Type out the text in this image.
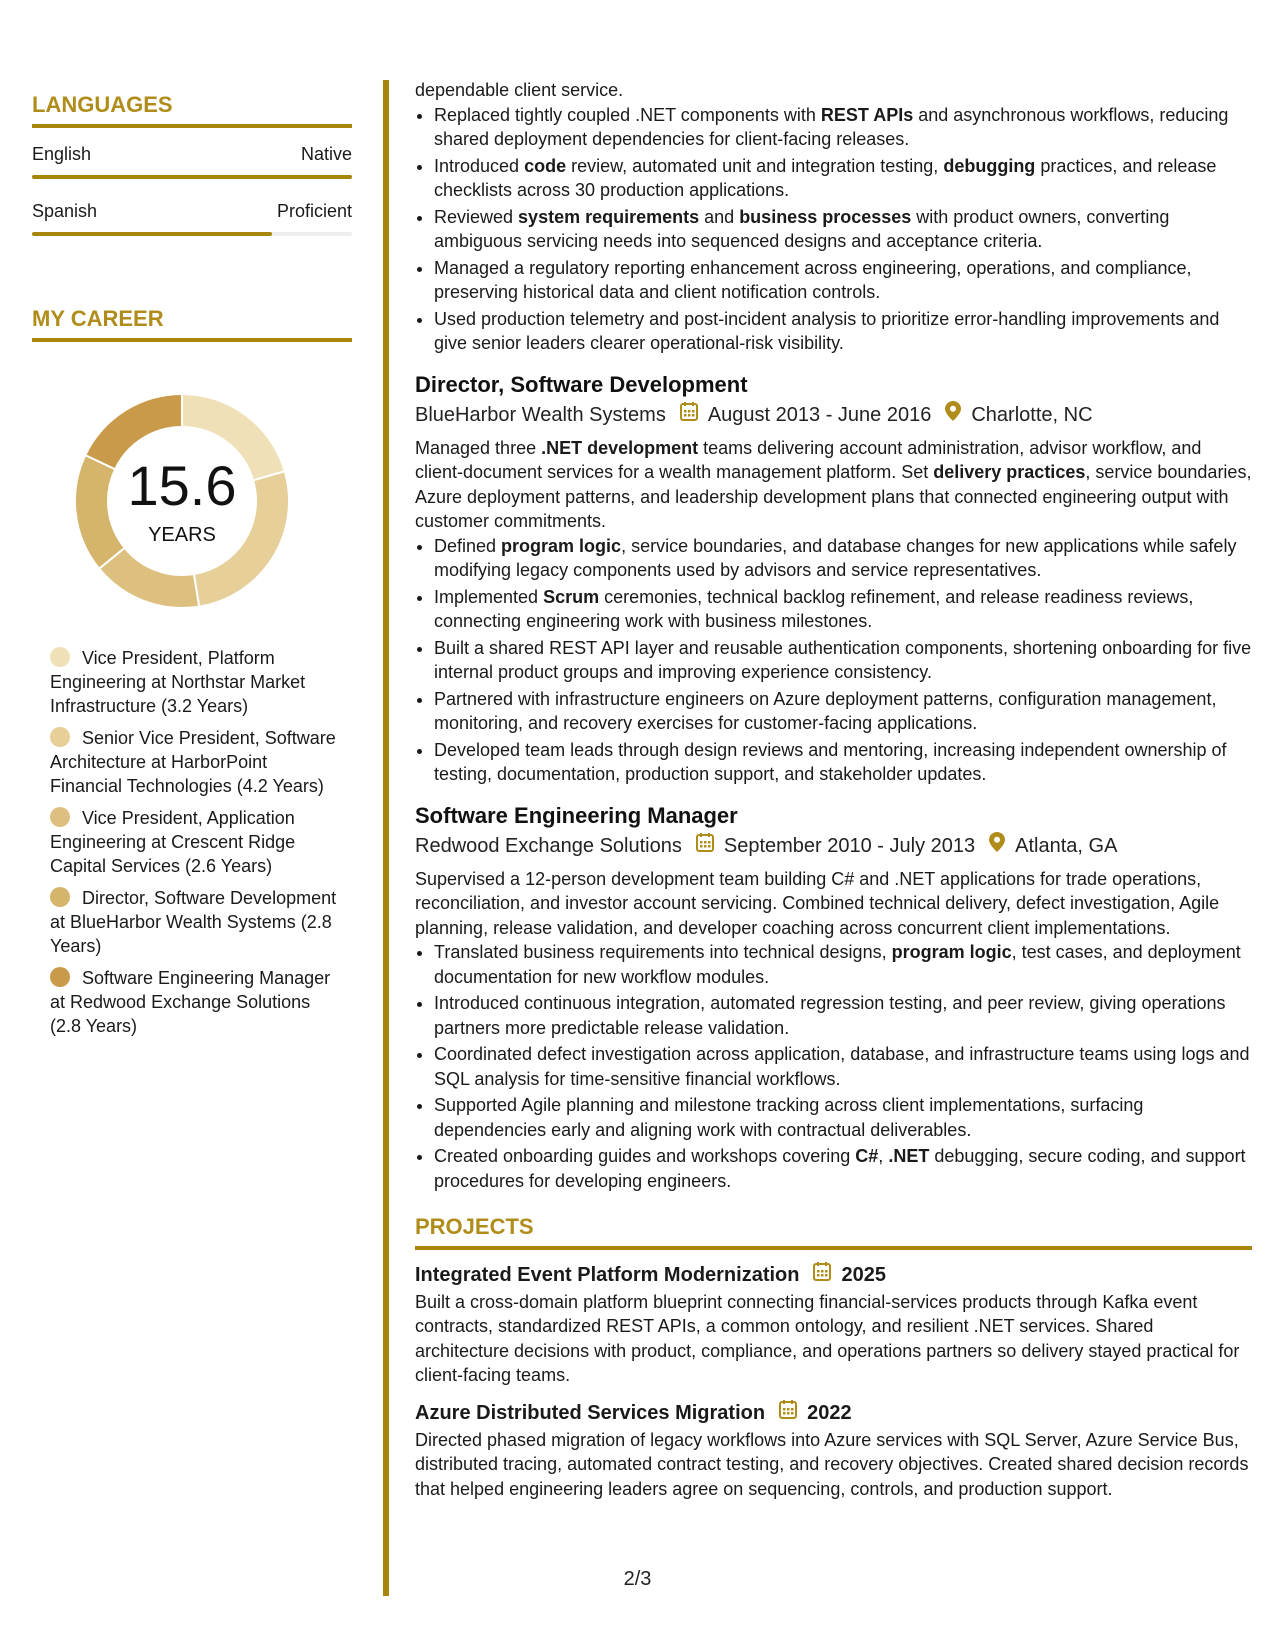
LANGUAGES
English	Native
Spanish	Proficient
MY CAREER
15.6
YEARS
Vice President, Platform Engineering at Northstar Market Infrastructure (3.2 Years)
Senior Vice President, Software Architecture at HarborPoint Financial Technologies (4.2 Years)
Vice President, Application Engineering at Crescent Ridge Capital Services (2.6 Years)
Director, Software Development at BlueHarbor Wealth Systems (2.8 Years)
Software Engineering Manager at Redwood Exchange Solutions (2.8 Years)

dependable client service.

• Replaced tightly coupled .NET components with REST APIs and asynchronous workflows, reducing shared deployment dependencies for client-facing releases.
• Introduced code review, automated unit and integration testing, debugging practices, and release checklists across 30 production applications.
• Reviewed system requirements and business processes with product owners, converting ambiguous servicing needs into sequenced designs and acceptance criteria.
• Managed a regulatory reporting enhancement across engineering, operations, and compliance, preserving historical data and client notification controls.
• Used production telemetry and post-incident analysis to prioritize error-handling improvements and give senior leaders clearer operational-risk visibility.
Director, Software Development
BlueHarbor Wealth Systems August 2013 - June 2016 Charlotte, NC

Managed three .NET development teams delivering account administration, advisor workflow, and client-document services for a wealth management platform. Set delivery practices, service boundaries, Azure deployment patterns, and leadership development plans that connected engineering output with customer commitments.

• Defined program logic, service boundaries, and database changes for new applications while safely modifying legacy components used by advisors and service representatives.
• Implemented Scrum ceremonies, technical backlog refinement, and release readiness reviews, connecting engineering work with business milestones.
• Built a shared REST API layer and reusable authentication components, shortening onboarding for five internal product groups and improving experience consistency.
• Partnered with infrastructure engineers on Azure deployment patterns, configuration management, monitoring, and recovery exercises for customer-facing applications.
• Developed team leads through design reviews and mentoring, increasing independent ownership of testing, documentation, production support, and stakeholder updates.
Software Engineering Manager
Redwood Exchange Solutions September 2010 - July 2013 Atlanta, GA

Supervised a 12-person development team building C# and .NET applications for trade operations, reconciliation, and investor account servicing. Combined technical delivery, defect investigation, Agile planning, release validation, and developer coaching across concurrent client implementations.

• Translated business requirements into technical designs, program logic, test cases, and deployment documentation for new workflow modules.
• Introduced continuous integration, automated regression testing, and peer review, giving operations partners more predictable release validation.
• Coordinated defect investigation across application, database, and infrastructure teams using logs and SQL analysis for time-sensitive financial workflows.
• Supported Agile planning and milestone tracking across client implementations, surfacing dependencies early and aligning work with contractual deliverables.
• Created onboarding guides and workshops covering C#, .NET debugging, secure coding, and support procedures for developing engineers.
PROJECTS
Integrated Event Platform Modernization 2025

Built a cross-domain platform blueprint connecting financial-services products through Kafka event contracts, standardized REST APIs, a common ontology, and resilient .NET services. Shared architecture decisions with product, compliance, and operations partners so delivery stayed practical for client-facing teams.

Azure Distributed Services Migration 2022

Directed phased migration of legacy workflows into Azure services with SQL Server, Azure Service Bus, distributed tracing, automated contract testing, and recovery objectives. Created shared decision records that helped engineering leaders agree on sequencing, controls, and production support.

2/3
